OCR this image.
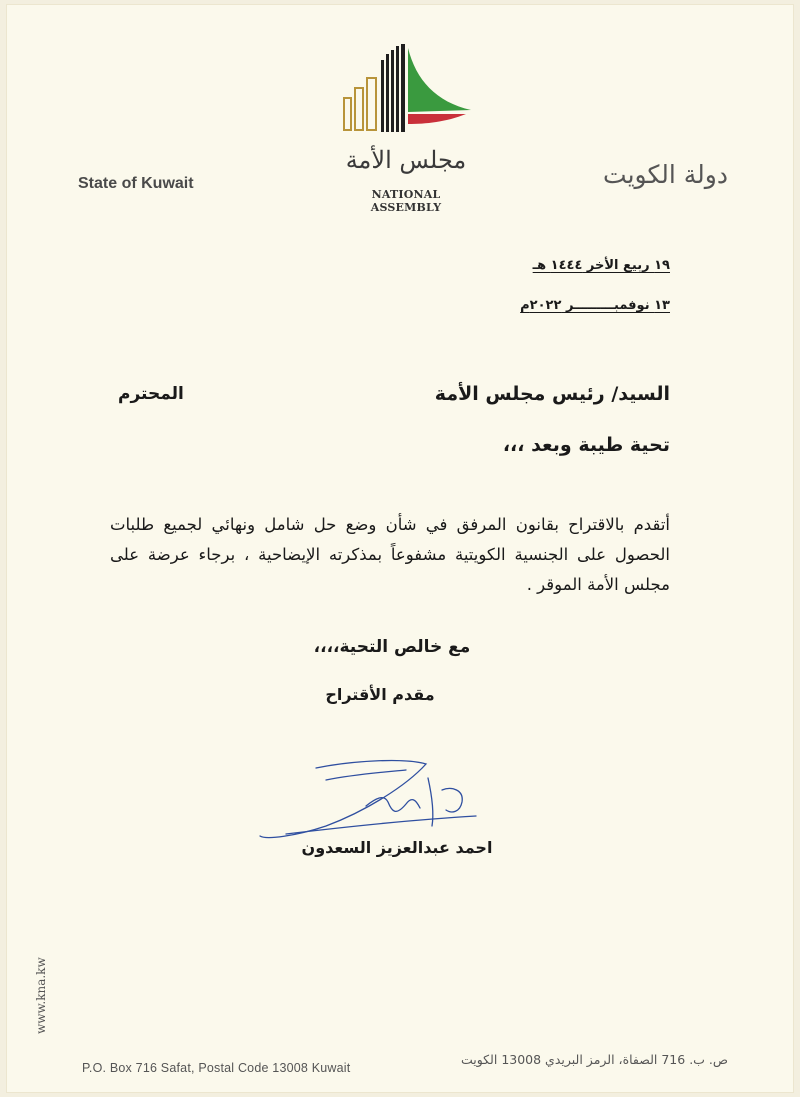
مجلس الأمة
NATIONAL ASSEMBLY
State of Kuwait	دولة الكويت
١٩ ربيع الأخر ١٤٤٤ هـ
١٣ نوفمبـــــــــر ٢٠٢٢م
السيد/ رئيس مجلس الأمة
المحترم
تحية طيبة وبعد ،،،
أتقدم بالاقتراح بقانون المرفق في شأن وضع حل شامل ونهائي لجميع طلبات الحصول على الجنسية الكويتية مشفوعاً بمذكرته الإيضاحية ، برجاء عرضة على مجلس الأمة الموقر .
مع خالص التحية،،،،
مقدم الأقتراح
احمد عبدالعزيز السعدون
www.kna.kw
P.O. Box 716 Safat, Postal Code 13008 Kuwait
ص. ب. 716 الصفاة، الرمز البريدي 13008 الكويت
